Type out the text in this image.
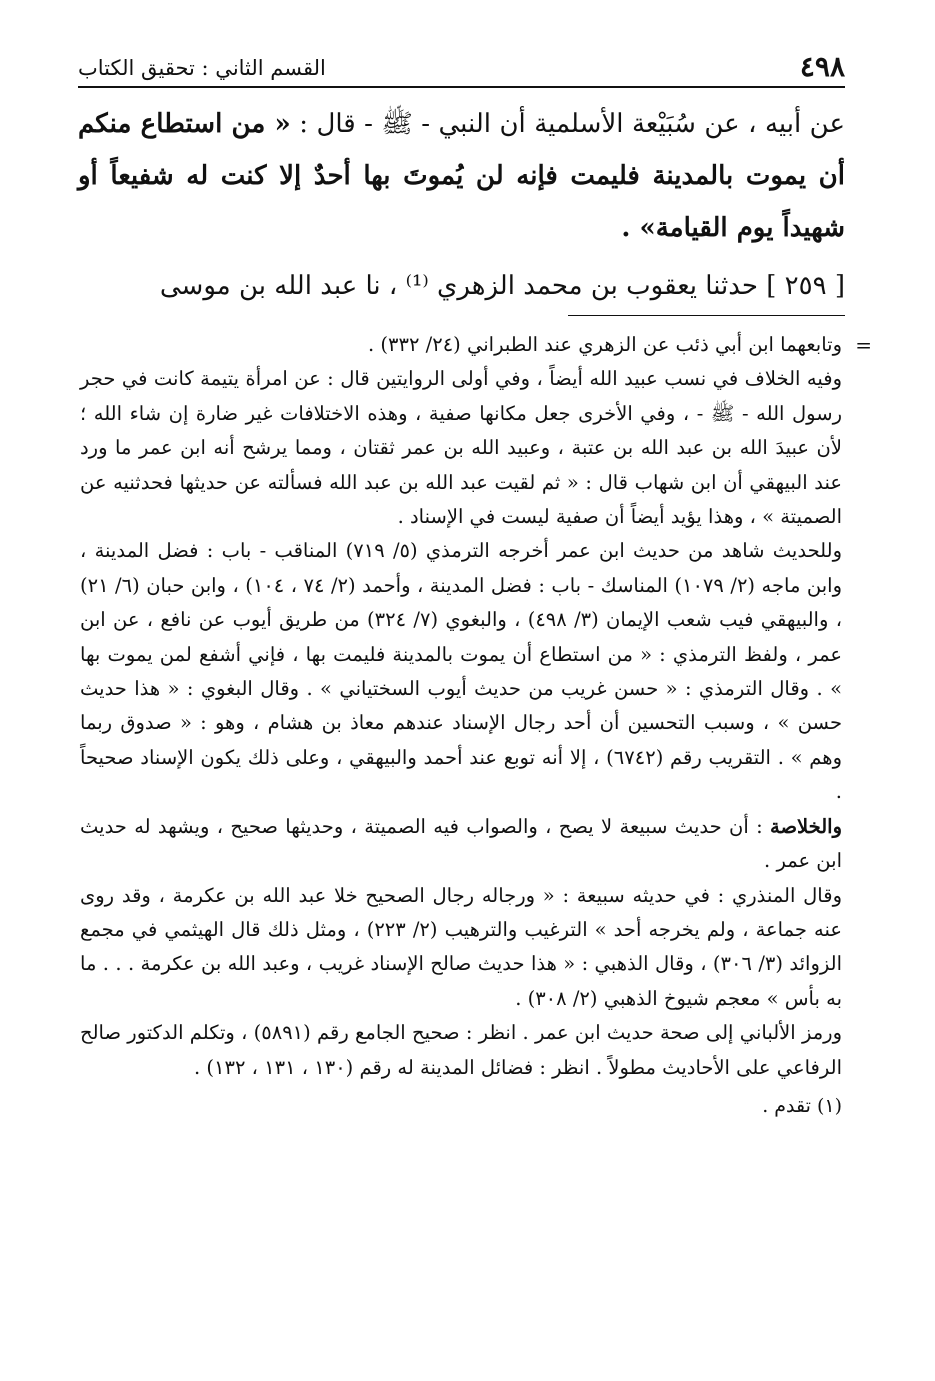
٤٩٨
القسم الثاني : تحقيق الكتاب

عن أبيه ، عن سُبَيْعة الأسلمية أن النبي - ﷺ - قال : « من استطاع منكم أن يموت بالمدينة فليمت فإنه لن يُموتَ بها أحدٌ إلا كنت له شفيعاً أو شهيداً يوم القيامة» .

[ ٢٥٩ ] حدثنا يعقوب بن محمد الزهري ⁽¹⁾ ، نا عبد الله بن موسى

=
وتابعهما ابن أبي ذئب عن الزهري عند الطبراني (٢٤/ ٣٣٢) .

وفيه الخلاف في نسب عبيد الله أيضاً ، وفي أولى الروايتين قال : عن امرأة يتيمة كانت في حجر رسول الله - ﷺ - ، وفي الأخرى جعل مكانها صفية ، وهذه الاختلافات غير ضارة إن شاء الله ؛ لأن عبيدَ الله بن عبد الله بن عتبة ، وعبيد الله بن عمر ثقتان ، ومما يرشح أنه ابن عمر ما ورد عند البيهقي أن ابن شهاب قال : « ثم لقيت عبد الله بن عبد الله فسألته عن حديثها فحدثنيه عن الصميتة » ، وهذا يؤيد أيضاً أن صفية ليست في الإسناد .

وللحديث شاهد من حديث ابن عمر أخرجه الترمذي (٥/ ٧١٩) المناقب - باب : فضل المدينة ، وابن ماجه (٢/ ١٠٧٩) المناسك - باب : فضل المدينة ، وأحمد (٢/ ٧٤ ، ١٠٤) ، وابن حبان (٦/ ٢١) ، والبيهقي فيب شعب الإيمان (٣/ ٤٩٨) ، والبغوي (٧/ ٣٢٤) من طريق أيوب عن نافع ، عن ابن عمر ، ولفظ الترمذي : « من استطاع أن يموت بالمدينة فليمت بها ، فإني أشفع لمن يموت بها » . وقال الترمذي : « حسن غريب من حديث أيوب السختياني » . وقال البغوي : « هذا حديث حسن » ، وسبب التحسين أن أحد رجال الإسناد عندهم معاذ بن هشام ، وهو : « صدوق ربما وهم » . التقريب رقم (٦٧٤٢) ، إلا أنه توبع عند أحمد والبيهقي ، وعلى ذلك يكون الإسناد صحيحاً .

والخلاصة : أن حديث سبيعة لا يصح ، والصواب فيه الصميتة ، وحديثها صحيح ، ويشهد له حديث ابن عمر .

وقال المنذري : في حديثه سبيعة : « ورجاله رجال الصحيح خلا عبد الله بن عكرمة ، وقد روى عنه جماعة ، ولم يخرجه أحد » الترغيب والترهيب (٢/ ٢٢٣) ، ومثل ذلك قال الهيثمي في مجمع الزوائد (٣/ ٣٠٦) ، وقال الذهبي : « هذا حديث صالح الإسناد غريب ، وعبد الله بن عكرمة . . . ما به بأس » معجم شيوخ الذهبي (٢/ ٣٠٨) .

ورمز الألباني إلى صحة حديث ابن عمر . انظر : صحيح الجامع رقم (٥٨٩١) ، وتكلم الدكتور صالح الرفاعي على الأحاديث مطولاً . انظر : فضائل المدينة له رقم (١٣٠ ، ١٣١ ، ١٣٢) .

(١) تقدم .
